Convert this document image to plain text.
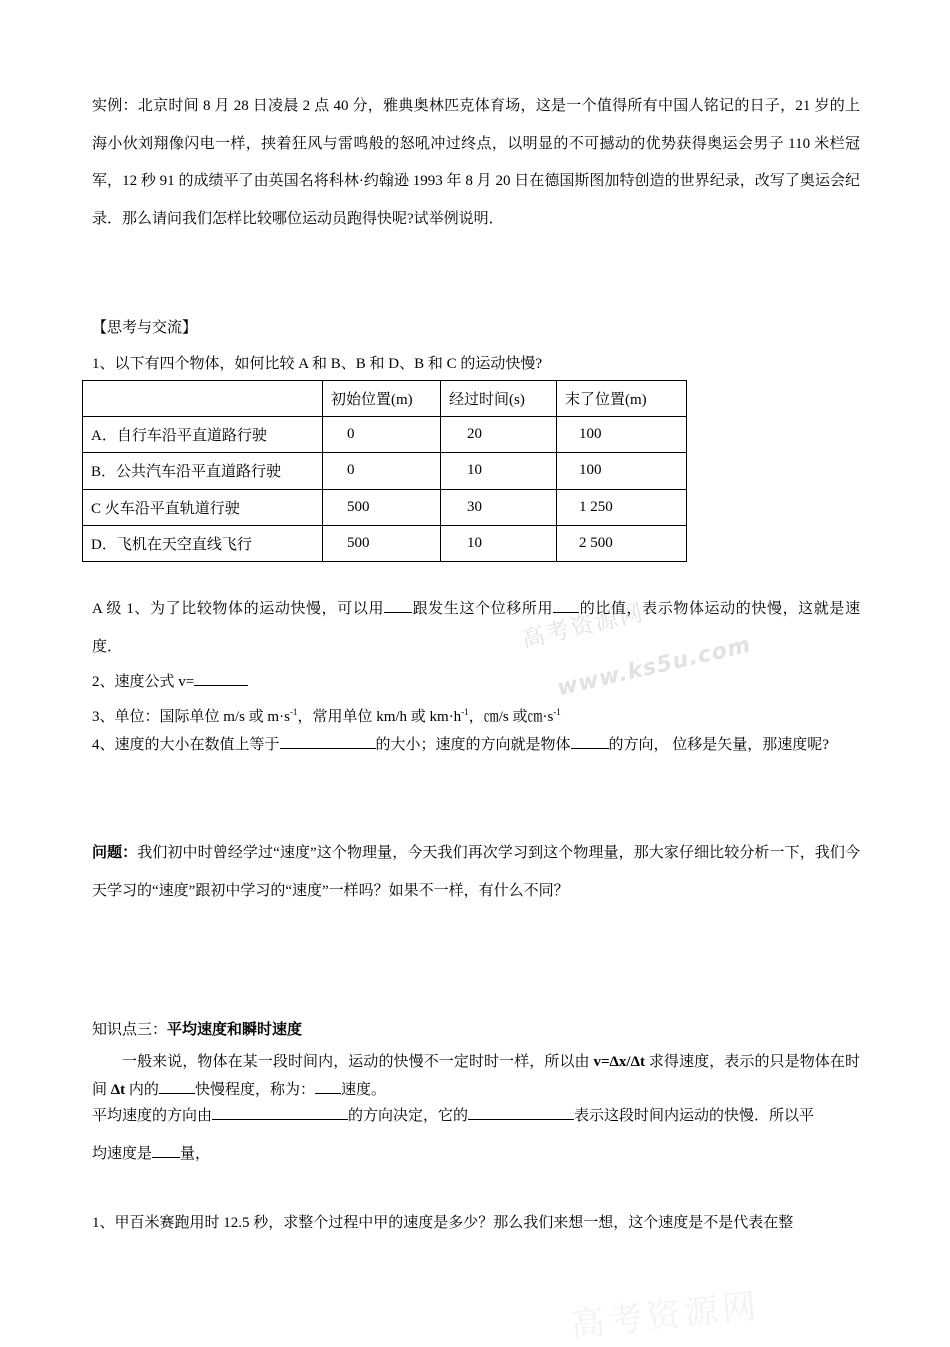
高考资源网
www.ks5u.com
高考资源网
实例：北京时间 8 月 28 日凌晨 2 点 40 分，雅典奥林匹克体育场，这是一个值得所有中国人铭记的日子，21 岁的上海小伙刘翔像闪电一样，挟着狂风与雷鸣般的怒吼冲过终点，以明显的不可撼动的优势获得奥运会男子 110 米栏冠军，12 秒 91 的成绩平了由英国名将科林·约翰逊 1993 年 8 月 20 日在德国斯图加特创造的世界纪录，改写了奥运会纪录．那么请问我们怎样比较哪位运动员跑得快呢?试举例说明．
【思考与交流】
1、以下有四个物体，如何比较 A 和 B、B 和 D、B 和 C 的运动快慢?
	初始位置(m)	经过时间(s)	末了位置(m)
A．自行车沿平直道路行驶	0	20	100
B．公共汽车沿平直道路行驶	0	10	100
C 火车沿平直轨道行驶	500	30	1 250
D．飞机在天空直线飞行	500	10	2 500
A 级 1、为了比较物体的运动快慢，可以用 跟发生这个位移所用 的比值，表示物体运动的快慢，这就是速度．
2、速度公式 v=
3、单位：国际单位 m/s 或 $m\cdot s^{-1}$，常用单位 km/h 或 $km\cdot h^{-1}$，㎝/s 或$㎝\cdot s^{-1}$
4、速度的大小在数值上等于	的大小；速度的方向就是物体	的方向， 位移是矢量，那速度呢?
问题：我们初中时曾经学过“速度”这个物理量，今天我们再次学习到这个物理量，那大家仔细比较分析一下，我们今天学习的“速度”跟初中学习的“速度”一样吗？如果不一样，有什么不同？
知识点三：平均速度和瞬时速度
一般来说，物体在某一段时间内，运动的快慢不一定时时一样，所以由 v=Δx/Δt 求得速度，表示的只是物体在时间 Δt 内的 快慢程度，称为： 速度。
平均速度的方向由	的方向决定，它的	表示这段时间内运动的快慢．所以平
均速度是 量，
1、甲百米赛跑用时 12.5 秒，求整个过程中甲的速度是多少？那么我们来想一想，这个速度是不是代表在整
